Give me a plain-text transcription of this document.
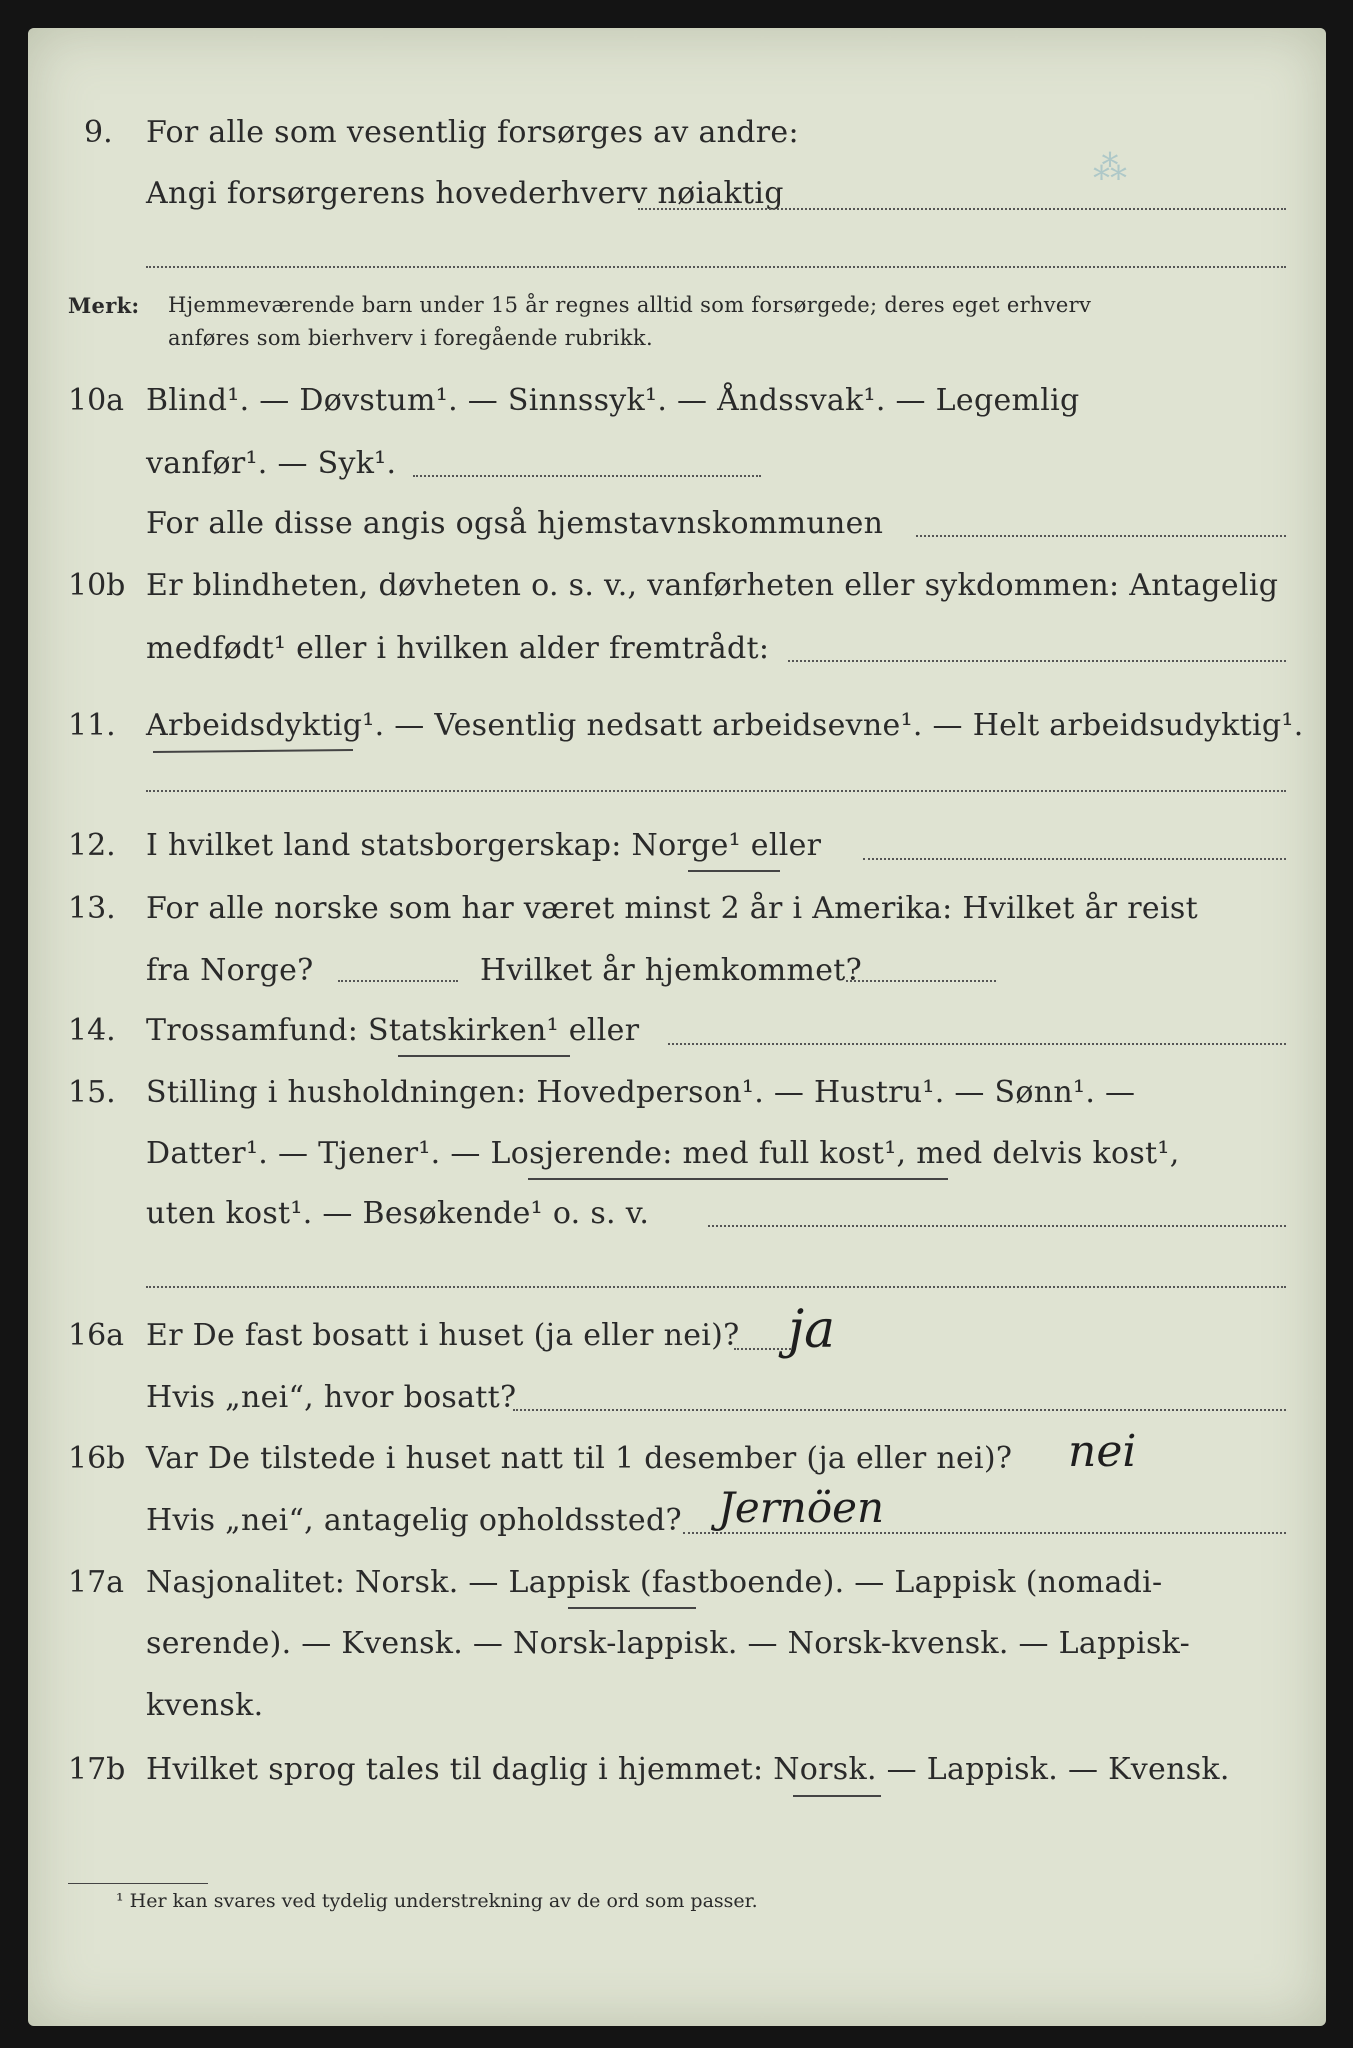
9. For alle som vesentlig forsørges av andre:
Angi forsørgerens hovederhverv nøiaktig
⁂
Merk: Hjemmeværende barn under 15 år regnes alltid som forsørgede; deres eget erhverv
anføres som bierhverv i foregående rubrikk.
10a Blind¹. — Døvstum¹. — Sinnssyk¹. — Åndssvak¹. — Legemlig
vanfør¹. — Syk¹.
For alle disse angis også hjemstavnskommunen
10b Er blindheten, døvheten o. s. v., vanførheten eller sykdommen: Antagelig
medfødt¹ eller i hvilken alder fremtrådt:
11. Arbeidsdyktig¹. — Vesentlig nedsatt arbeidsevne¹. — Helt arbeidsudyktig¹.
12. I hvilket land statsborgerskap: Norge¹ eller
13. For alle norske som har været minst 2 år i Amerika: Hvilket år reist
fra Norge?	Hvilket år hjemkommet?
14. Trossamfund: Statskirken¹ eller
15. Stilling i husholdningen: Hovedperson¹. — Hustru¹. — Sønn¹. —
Datter¹. — Tjener¹. — Losjerende: med full kost¹, med delvis kost¹,
uten kost¹. — Besøkende¹ o. s. v.
16a Er De fast bosatt i huset (ja eller nei)? ja
Hvis „nei“, hvor bosatt?
16b Var De tilstede i huset natt til 1 desember (ja eller nei)? nei
Hvis „nei“, antagelig opholdssted? Jernöen
17a Nasjonalitet: Norsk. — Lappisk (fastboende). — Lappisk (nomadi-
serende). — Kvensk. — Norsk-lappisk. — Norsk-kvensk. — Lappisk-
kvensk.
17b Hvilket sprog tales til daglig i hjemmet: Norsk. — Lappisk. — Kvensk.
¹ Her kan svares ved tydelig understrekning av de ord som passer.
